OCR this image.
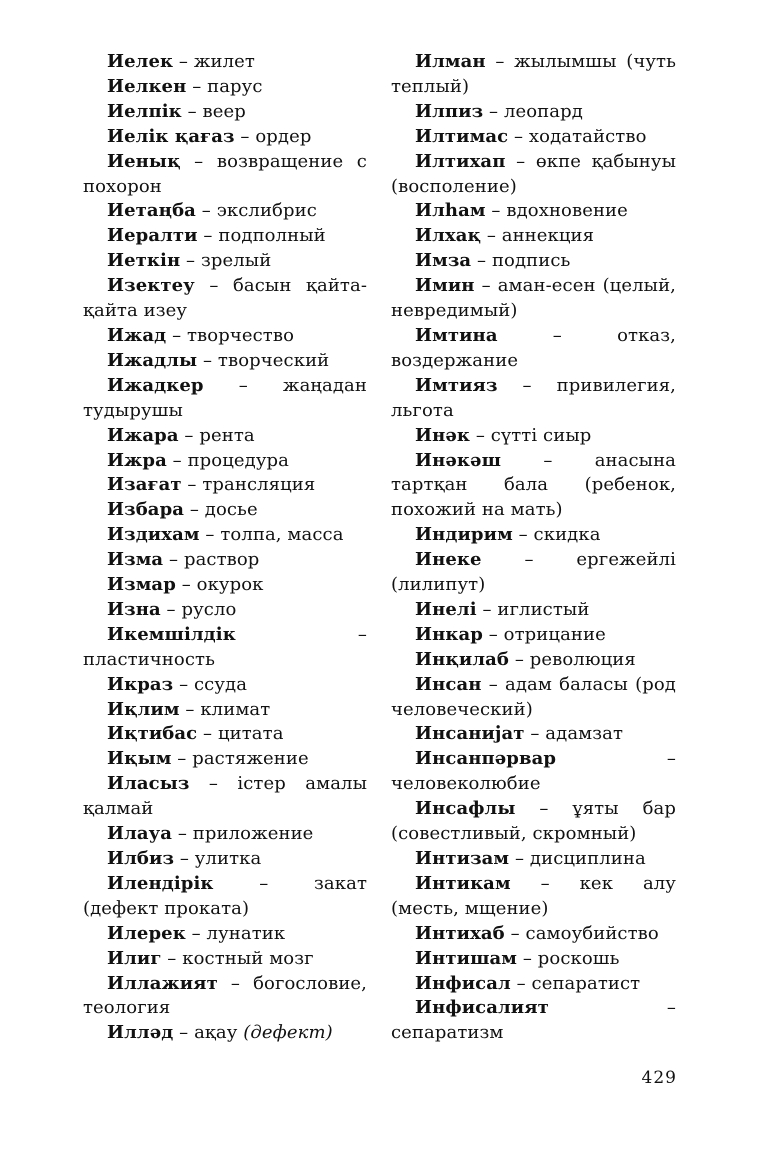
Иелек – жилет

Иелкен – парус

Иелпік – веер

Иелік қағаз – ордер

Иенық – возвращение с похорон

Иетаңба – экслибрис

Иералти – подполный

Иеткін – зрелый

Изектеу – басын қайта-қайта изеу

Ижад – творчество

Ижадлы – творческий

Ижадкер – жаңадан тудырушы

Ижара – рента

Ижра – процедура

Изағат – трансляция

Избара – досье

Издихам – толпа, масса

Изма – раствор

Измар – окурок

Изна – русло

Икемшілдік – пластичность

Икраз – ссуда

Иқлим – климат

Иқтибас – цитата

Иқым – растяжение

Иласыз – істер амалы қалмай

Илауа – приложение

Илбиз – улитка

Илендірік – закат (дефект проката)

Илерек – лунатик

Илиг – костный мозг

Иллажият – богословие, теология

Илләд – ақау (дефект)

Илман – жылымшы (чуть теплый)

Илпиз – леопард

Илтимас – ходатайство

Илтихап – өкпе қабынуы (восполение)

Илһам – вдохновение

Илхақ – аннекция

Имза – подпись

Имин – аман-есен (целый, невредимый)

Имтина – отказ, воздержание

Имтияз – привилегия, льгота

Инәк – сүтті сиыр

Инәкәш – анасына тартқан бала (ребенок, похожий на мать)

Индирим – скидка

Инеке – ергежейлі (лилипут)

Инелі – иглистый

Инкар – отрицание

Инқилаб – революция

Инсан – адам баласы (род человеческий)

Инсанијат – адамзат

Инсанпәрвар – человеколюбие

Инсафлы – ұяты бар (совестливый, скромный)

Интизам – дисциплина

Интикам – кек алу (месть, мщение)

Интихаб – самоубийство

Интишам – роскошь

Инфисал – сепаратист

Инфисалият – сепаратизм

429
